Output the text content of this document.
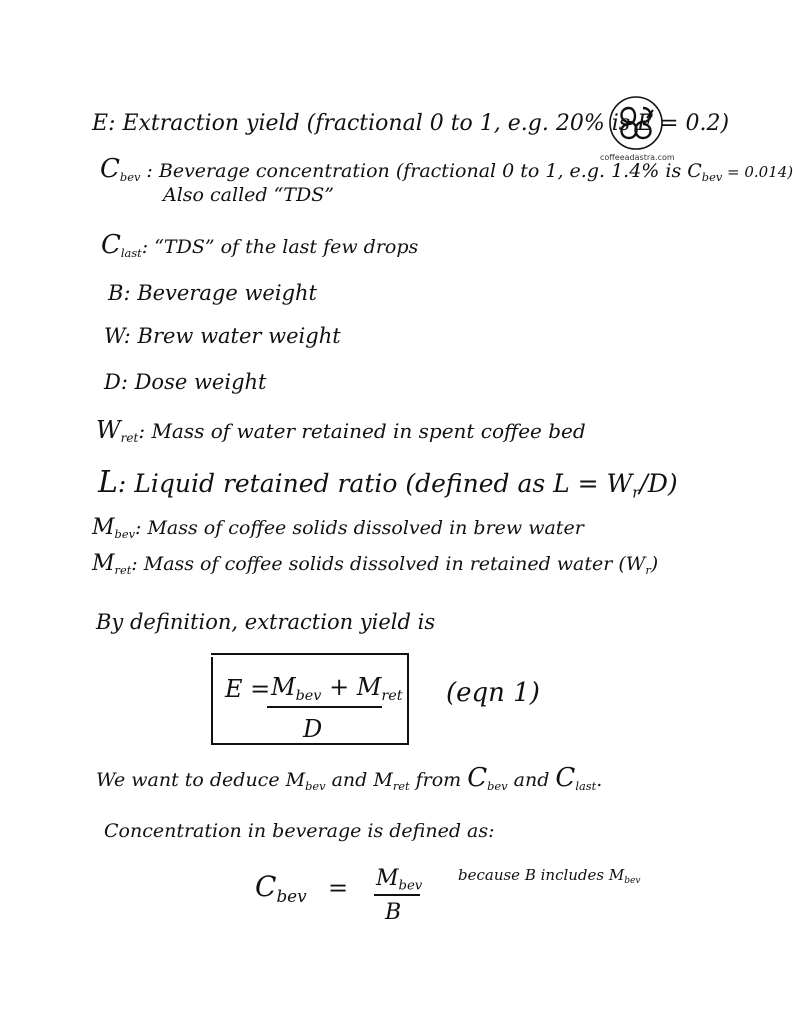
coffeeadastra.com
E: Extraction yield (fractional 0 to 1, e.g. 20% is E = 0.2)
$C_{bev}$ : Beverage concentration (fractional 0 to 1, e.g. 1.4% is $C_{bev} = 0.014$)
Also called “TDS”
$C_{last}$: “TDS” of the last few drops
B: Beverage weight
W: Brew water weight
D: Dose weight
$W_{ret}$: Mass of water retained in spent coffee bed
L: Liquid retained ratio (defined as $L = W_r/D$)
$M_{bev}$: Mass of coffee solids dissolved in brew water
$M_{ret}$: Mass of coffee solids dissolved in retained water $(W_r)$
By definition, extraction yield is
$E = M_{bev} + M_{ret}$
D
(eqn 1)
We want to deduce $M_{bev}$ and $M_{ret}$ from $C_{bev}$ and $C_{last}$.
Concentration in beverage is defined as:
$C_{bev} = M_{bev}$
B
because B includes $M_{bev}$
